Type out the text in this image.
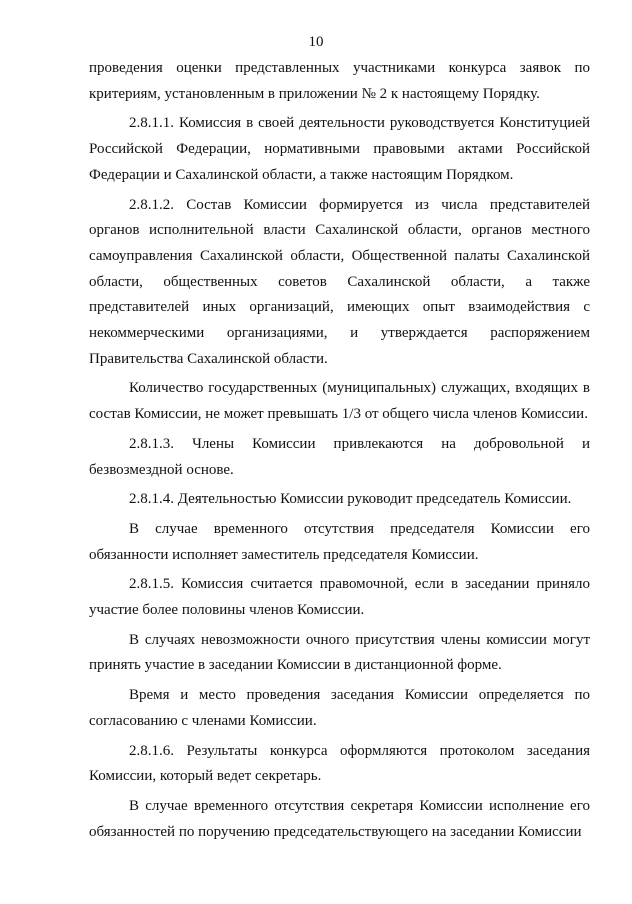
10

проведения оценки представленных участниками конкурса заявок по критериям, установленным в приложении № 2 к настоящему Порядку.

2.8.1.1. Комиссия в своей деятельности руководствуется Конституцией Российской Федерации, нормативными правовыми актами Российской Федерации и Сахалинской области, а также настоящим Порядком.

2.8.1.2. Состав Комиссии формируется из числа представителей органов исполнительной власти Сахалинской области, органов местного самоуправления Сахалинской области, Общественной палаты Сахалинской области, общественных советов Сахалинской области, а также представителей иных организаций, имеющих опыт взаимодействия с некоммерческими организациями, и утверждается распоряжением Правительства Сахалинской области.

Количество государственных (муниципальных) служащих, входящих в состав Комиссии, не может превышать 1/3 от общего числа членов Комиссии.

2.8.1.3. Члены Комиссии привлекаются на добровольной и безвозмездной основе.

2.8.1.4. Деятельностью Комиссии руководит председатель Комиссии.

В случае временного отсутствия председателя Комиссии его обязанности исполняет заместитель председателя Комиссии.

2.8.1.5. Комиссия считается правомочной, если в заседании приняло участие более половины членов Комиссии.

В случаях невозможности очного присутствия члены комиссии могут принять участие в заседании Комиссии в дистанционной форме.

Время и место проведения заседания Комиссии определяется по согласованию с членами Комиссии.

2.8.1.6. Результаты конкурса оформляются протоколом заседания Комиссии, который ведет секретарь.

В случае временного отсутствия секретаря Комиссии исполнение его обязанностей по поручению председательствующего на заседании Комиссии
